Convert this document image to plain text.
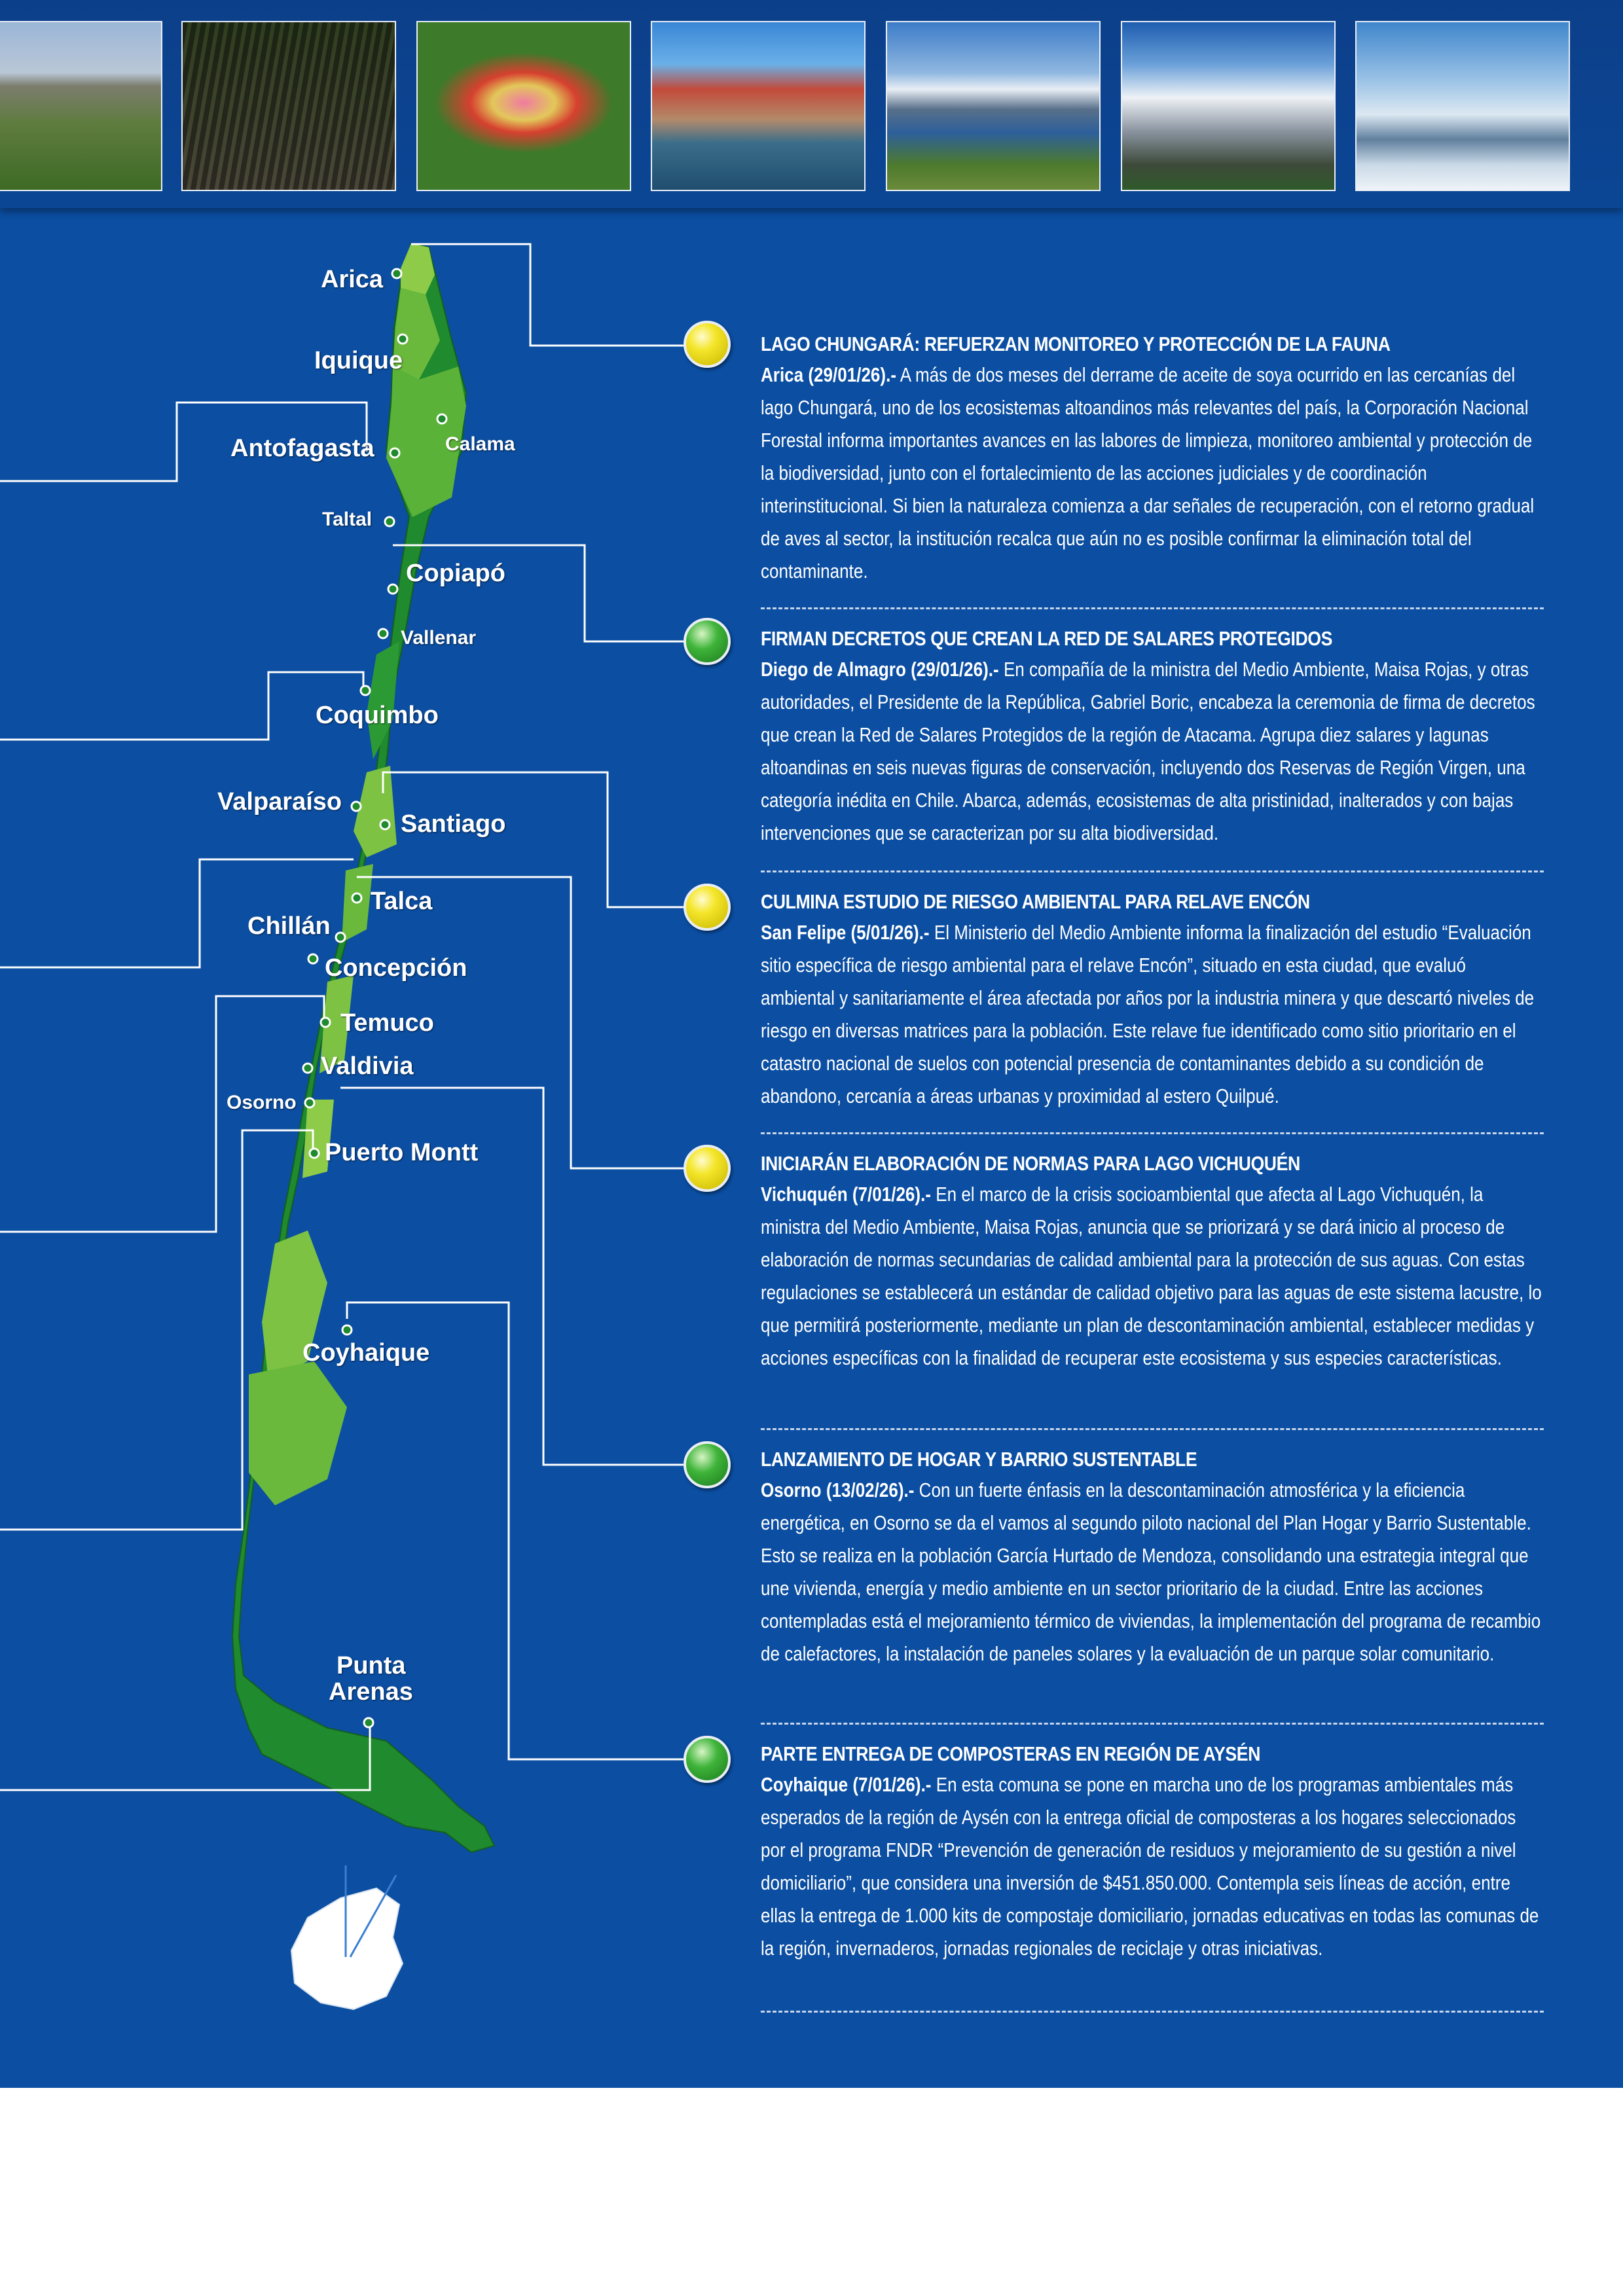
Arica
Iquique
Antofagasta	Calama
Taltal
Copiapó
Vallenar
Coquimbo
Valparaíso
Santiago
Talca
Chillán
Concepción
Temuco
Valdivia
Osorno
Puerto Montt
Coyhaique
Punta
Arenas
LAGO CHUNGARÁ: REFUERZAN MONITOREO Y PROTECCIÓN DE LA FAUNA

Arica (29/01/26).- A más de dos meses del derrame de aceite de soya ocurrido en las cercanías del lago Chungará, uno de los ecosistemas altoandinos más relevantes del país, la Corporación Nacional Forestal informa importantes avances en las labores de limpieza, monitoreo ambiental y protección de la biodiversidad, junto con el fortalecimiento de las acciones judiciales y de coordinación interinstitucional. Si bien la naturaleza comienza a dar señales de recuperación, con el retorno gradual de aves al sector, la institución recalca que aún no es posible confirmar la eliminación total del contaminante.

FIRMAN DECRETOS QUE CREAN LA RED DE SALARES PROTEGIDOS

Diego de Almagro (29/01/26).- En compañía de la ministra del Medio Ambiente, Maisa Rojas, y otras autoridades, el Presidente de la República, Gabriel Boric, encabeza la ceremonia de firma de decretos que crean la Red de Salares Protegidos de la región de Atacama. Agrupa diez salares y lagunas altoandinas en seis nuevas figuras de conservación, incluyendo dos Reservas de Región Virgen, una categoría inédita en Chile. Abarca, además, ecosistemas de alta pristinidad, inalterados y con bajas intervenciones que se caracterizan por su alta biodiversidad.

CULMINA ESTUDIO DE RIESGO AMBIENTAL PARA RELAVE ENCÓN

San Felipe (5/01/26).- El Ministerio del Medio Ambiente informa la finalización del estudio “Evaluación sitio específica de riesgo ambiental para el relave Encón”, situado en esta ciudad, que evaluó ambiental y sanitariamente el área afectada por años por la industria minera y que descartó niveles de riesgo en diversas matrices para la población. Este relave fue identificado como sitio prioritario en el catastro nacional de suelos con potencial presencia de contaminantes debido a su condición de abandono, cercanía a áreas urbanas y proximidad al estero Quilpué.

INICIARÁN ELABORACIÓN DE NORMAS PARA LAGO VICHUQUÉN

Vichuquén (7/01/26).- En el marco de la crisis socioambiental que afecta al Lago Vichuquén, la ministra del Medio Ambiente, Maisa Rojas, anuncia que se priorizará y se dará inicio al proceso de elaboración de normas secundarias de calidad ambiental para la protección de sus aguas. Con estas regulaciones se establecerá un estándar de calidad objetivo para las aguas de este sistema lacustre, lo que permitirá posteriormente, mediante un plan de descontaminación ambiental, establecer medidas y acciones específicas con la finalidad de recuperar este ecosistema y sus especies características.

LANZAMIENTO DE HOGAR Y BARRIO SUSTENTABLE

Osorno (13/02/26).- Con un fuerte énfasis en la descontaminación atmosférica y la eficiencia energética, en Osorno se da el vamos al segundo piloto nacional del Plan Hogar y Barrio Sustentable. Esto se realiza en la población García Hurtado de Mendoza, consolidando una estrategia integral que une vivienda, energía y medio ambiente en un sector prioritario de la ciudad. Entre las acciones contempladas está el mejoramiento térmico de viviendas, la implementación del programa de recambio de calefactores, la instalación de paneles solares y la evaluación de un parque solar comunitario.

PARTE ENTREGA DE COMPOSTERAS EN REGIÓN DE AYSÉN

Coyhaique (7/01/26).- En esta comuna se pone en marcha uno de los programas ambientales más esperados de la región de Aysén con la entrega oficial de composteras a los hogares seleccionados por el programa FNDR “Prevención de generación de residuos y mejoramiento de su gestión a nivel domiciliario”, que considera una inversión de $451.850.000. Contempla seis líneas de acción, entre ellas la entrega de 1.000 kits de compostaje domiciliario, jornadas educativas en todas las comunas de la región, invernaderos, jornadas regionales de reciclaje y otras iniciativas.
